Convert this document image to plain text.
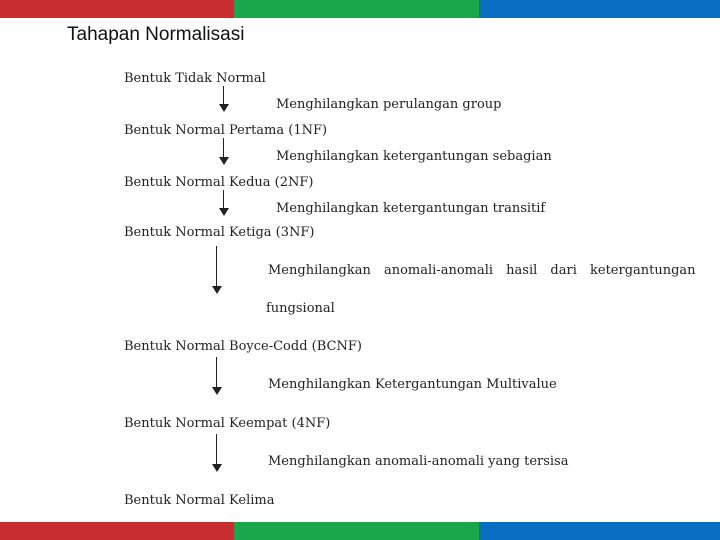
Tahapan Normalisasi
Bentuk Tidak Normal
Menghilangkan perulangan group
Bentuk Normal Pertama (1NF)
Menghilangkan ketergantungan sebagian
Bentuk Normal Kedua (2NF)
Menghilangkan ketergantungan transitif
Bentuk Normal Ketiga (3NF)
Menghilangkan anomali-anomali hasil dari ketergantungan
fungsional
Bentuk Normal Boyce-Codd (BCNF)
Menghilangkan Ketergantungan Multivalue
Bentuk Normal Keempat (4NF)
Menghilangkan anomali-anomali yang tersisa
Bentuk Normal Kelima
